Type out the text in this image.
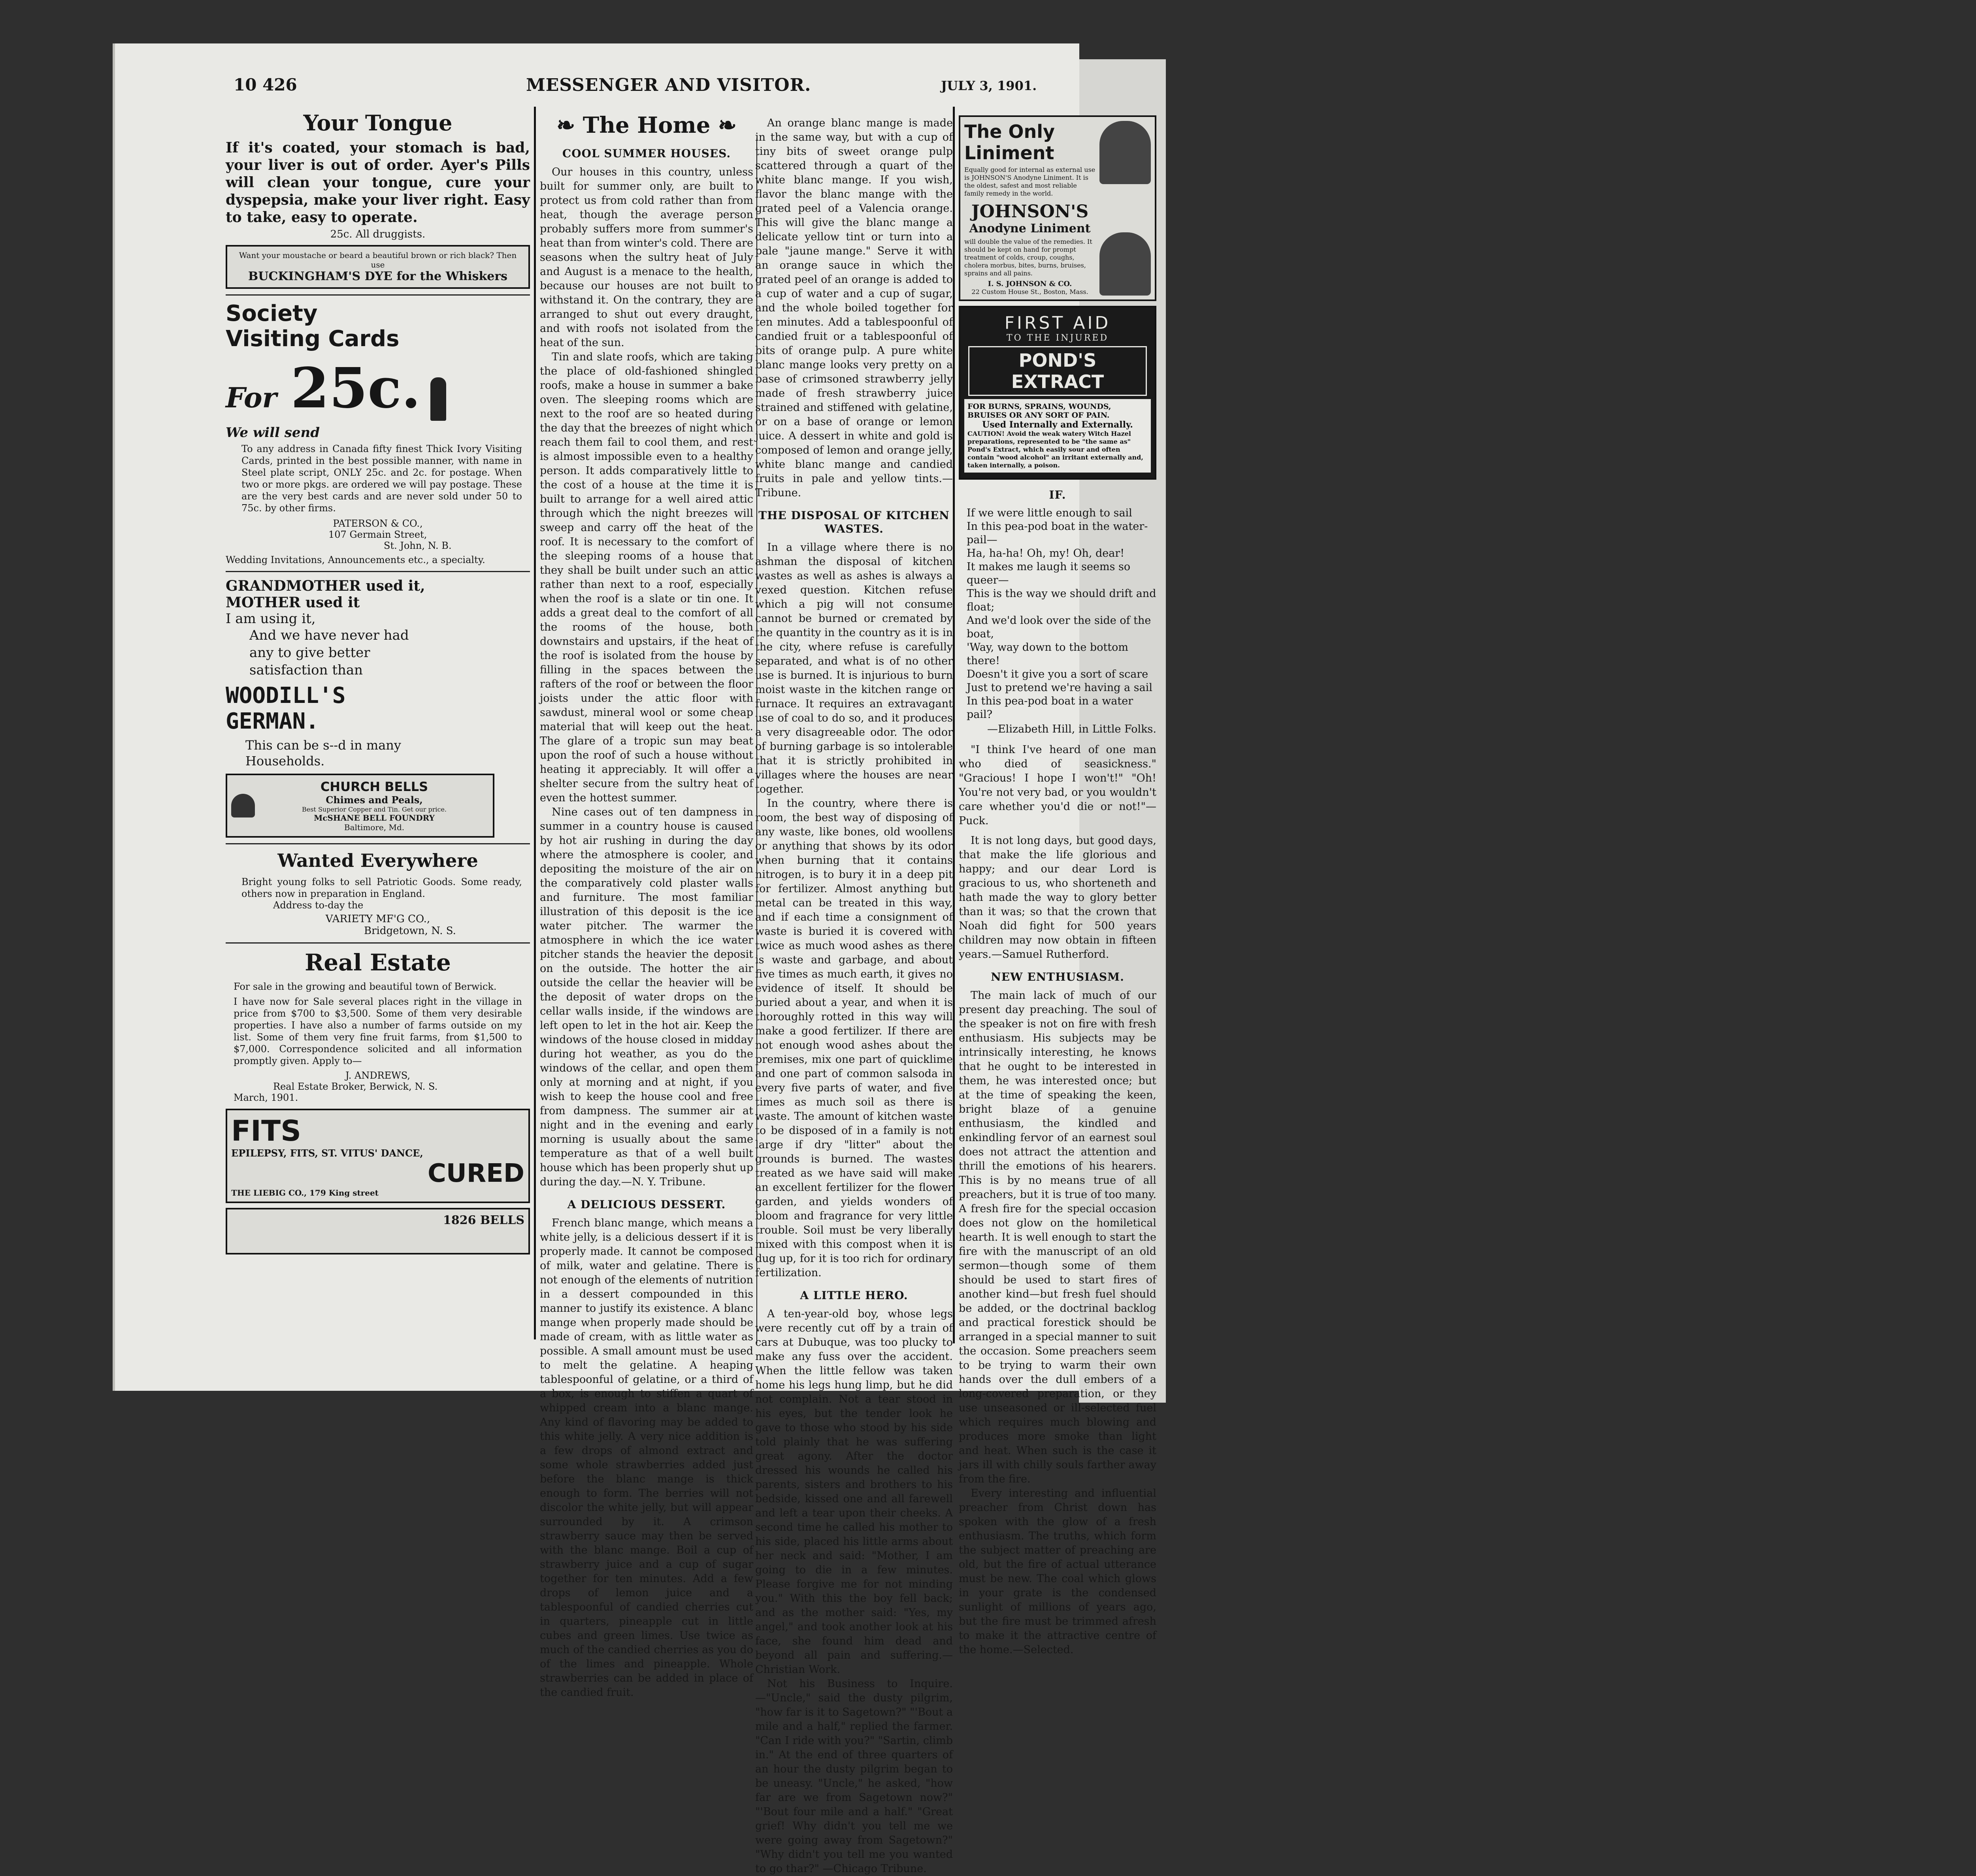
10 426	MESSENGER AND VISITOR.	JULY 3, 1901.
Your Tongue
If it's coated, your stomach is bad, your liver is out of order. Ayer's Pills will clean your tongue, cure your dyspepsia, make your liver right. Easy to take, easy to operate.
25c. All druggists.
Want your moustache or beard a beautiful brown or rich black? Then use
BUCKINGHAM'S DYE for the Whiskers
Society Visiting Cards
For 25c.
We will send
To any address in Canada fifty finest Thick Ivory Visiting Cards, printed in the best possible manner, with name in Steel plate script, ONLY 25c. and 2c. for postage. When two or more pkgs. are ordered we will pay postage. These are the very best cards and are never sold under 50 to 75c. by other firms.
PATERSON & CO.,
107 Germain Street,
St. John, N. B.
Wedding Invitations, Announcements etc., a specialty.
GRANDMOTHER used it,
MOTHER used it
I am using it,
And we have never had any to give better satisfaction than
WOODILL'S
GERMAN.
This can be s--d in many Households.
CHURCH BELLS
Chimes and Peals,
Best Superior Copper and Tin. Get our price.
McSHANE BELL FOUNDRY
Baltimore, Md.
Wanted Everywhere
Bright young folks to sell Patriotic Goods. Some ready, others now in preparation in England.
Address to-day the
VARIETY MF'G CO.,
Bridgetown, N. S.
Real Estate
For sale in the growing and beautiful town of Berwick.
I have now for Sale several places right in the village in price from $700 to $3,500. Some of them very desirable properties. I have also a number of farms outside on my list. Some of them very fine fruit farms, from $1,500 to $7,000. Correspondence solicited and all information promptly given. Apply to—
J. ANDREWS,
Real Estate Broker, Berwick, N. S.
March, 1901.
FITS
EPILEPSY, FITS, ST. VITUS' DANCE,
CURED
THE LIEBIG CO., 179 King street
1826 BELLS
❧ The Home ❧
COOL SUMMER HOUSES.

Our houses in this country, unless built for summer only, are built to protect us from cold rather than from heat, though the average person probably suffers more from summer's heat than from winter's cold. There are seasons when the sultry heat of July and August is a menace to the health, because our houses are not built to withstand it. On the contrary, they are arranged to shut out every draught, and with roofs not isolated from the heat of the sun.

Tin and slate roofs, which are taking the place of old-fashioned shingled roofs, make a house in summer a bake oven. The sleeping rooms which are next to the roof are so heated during the day that the breezes of night which reach them fail to cool them, and rest is almost impossible even to a healthy person. It adds comparatively little to the cost of a house at the time it is built to arrange for a well aired attic through which the night breezes will sweep and carry off the heat of the roof. It is necessary to the comfort of the sleeping rooms of a house that they shall be built under such an attic rather than next to a roof, especially when the roof is a slate or tin one. It adds a great deal to the comfort of all the rooms of the house, both downstairs and upstairs, if the heat of the roof is isolated from the house by filling in the spaces between the rafters of the roof or between the floor joists under the attic floor with sawdust, mineral wool or some cheap material that will keep out the heat. The glare of a tropic sun may beat upon the roof of such a house without heating it appreciably. It will offer a shelter secure from the sultry heat of even the hottest summer.

Nine cases out of ten dampness in summer in a country house is caused by hot air rushing in during the day where the atmosphere is cooler, and depositing the moisture of the air on the comparatively cold plaster walls and furniture. The most familiar illustration of this deposit is the ice water pitcher. The warmer the atmosphere in which the ice water pitcher stands the heavier the deposit on the outside. The hotter the air outside the cellar the heavier will be the deposit of water drops on the cellar walls inside, if the windows are left open to let in the hot air. Keep the windows of the house closed in midday during hot weather, as you do the windows of the cellar, and open them only at morning and at night, if you wish to keep the house cool and free from dampness. The summer air at night and in the evening and early morning is usually about the same temperature as that of a well built house which has been properly shut up during the day.—N. Y. Tribune.

A DELICIOUS DESSERT.

French blanc mange, which means a white jelly, is a delicious dessert if it is properly made. It cannot be composed of milk, water and gelatine. There is not enough of the elements of nutrition in a dessert compounded in this manner to justify its existence. A blanc mange when properly made should be made of cream, with as little water as possible. A small amount must be used to melt the gelatine. A heaping tablespoonful of gelatine, or a third of a box, is enough to stiffen a quart of whipped cream into a blanc mange. Any kind of flavoring may be added to this white jelly. A very nice addition is a few drops of almond extract and some whole strawberries added just before the blanc mange is thick enough to form. The berries will not discolor the white jelly, but will appear surrounded by it. A crimson strawberry sauce may then be served with the blanc mange. Boil a cup of strawberry juice and a cup of sugar together for ten minutes. Add a few drops of lemon juice and a tablespoonful of candied cherries cut in quarters, pineapple cut in little cubes and green limes. Use twice as much of the candied cherries as you do of the limes and pineapple. Whole strawberries can be added in place of the candied fruit.

An orange blanc mange is made in the same way, but with a cup of tiny bits of sweet orange pulp scattered through a quart of the white blanc mange. If you wish, flavor the blanc mange with the grated peel of a Valencia orange. This will give the blanc mange a delicate yellow tint or turn into a pale "jaune mange." Serve it with an orange sauce in which the grated peel of an orange is added to a cup of water and a cup of sugar, and the whole boiled together for ten minutes. Add a tablespoonful of candied fruit or a tablespoonful of bits of orange pulp. A pure white blanc mange looks very pretty on a base of crimsoned strawberry jelly made of fresh strawberry juice strained and stiffened with gelatine, or on a base of orange or lemon juice. A dessert in white and gold is composed of lemon and orange jelly, white blanc mange and candied fruits in pale and yellow tints.—Tribune.

THE DISPOSAL OF KITCHEN WASTES.

In a village where there is no ashman the disposal of kitchen wastes as well as ashes is always a vexed question. Kitchen refuse which a pig will not consume cannot be burned or cremated by the quantity in the country as it is in the city, where refuse is carefully separated, and what is of no other use is burned. It is injurious to burn moist waste in the kitchen range or furnace. It requires an extravagant use of coal to do so, and it produces a very disagreeable odor. The odor of burning garbage is so intolerable that it is strictly prohibited in villages where the houses are near together.

In the country, where there is room, the best way of disposing of any waste, like bones, old woollens or anything that shows by its odor when burning that it contains nitrogen, is to bury it in a deep pit for fertilizer. Almost anything but metal can be treated in this way, and if each time a consignment of waste is buried it is covered with twice as much wood ashes as there is waste and garbage, and about five times as much earth, it gives no evidence of itself. It should be buried about a year, and when it is thoroughly rotted in this way will make a good fertilizer. If there are not enough wood ashes about the premises, mix one part of quicklime and one part of common salsoda in every five parts of water, and five times as much soil as there is waste. The amount of kitchen waste to be disposed of in a family is not large if dry "litter" about the grounds is burned. The wastes treated as we have said will make an excellent fertilizer for the flower garden, and yields wonders of bloom and fragrance for very little trouble. Soil must be very liberally mixed with this compost when it is dug up, for it is too rich for ordinary fertilization.

A LITTLE HERO.

A ten-year-old boy, whose legs were recently cut off by a train of cars at Dubuque, was too plucky to make any fuss over the accident. When the little fellow was taken home his legs hung limp, but he did not complain. Not a tear stood in his eyes, but the tender look he gave to those who stood by his side told plainly that he was suffering great agony. After the doctor dressed his wounds he called his parents, sisters and brothers to his bedside, kissed one and all farewell and left a tear upon their cheeks. A second time he called his mother to his side, placed his little arms about her neck and said: "Mother, I am going to die in a few minutes. Please forgive me for not minding you." With this the boy fell back; and as the mother said: "Yes, my angel," and took another look at his face, she found him dead and beyond all pain and suffering.—Christian Work.

Not his Business to Inquire.—"Uncle," said the dusty pilgrim, "how far is it to Sagetown?" "'Bout a mile and a half," replied the farmer. "Can I ride with you?" "Sartin, climb in." At the end of three quarters of an hour the dusty pilgrim began to be uneasy. "Uncle," he asked, "how far are we from Sagetown now?" "'Bout four mile and a half." "Great grief! Why didn't you tell me we were going away from Sagetown?" "Why didn't you tell me you wanted to go thar?" —Chicago Tribune.

The Only
Liniment
Equally good for internal as external use is JOHNSON'S Anodyne Liniment. It is the oldest, safest and most reliable family remedy in the world.
JOHNSON'S
Anodyne Liniment
will double the value of the remedies. It should be kept on hand for prompt treatment of colds, croup, coughs, cholera morbus, bites, burns, bruises, sprains and all pains.
I. S. JOHNSON & CO.
22 Custom House St., Boston, Mass.
FIRST AID
TO THE INJURED
POND'S EXTRACT
FOR BURNS, SPRAINS, WOUNDS, BRUISES OR ANY SORT OF PAIN.
Used Internally and Externally.
CAUTION! Avoid the weak watery Witch Hazel preparations, represented to be "the same as" Pond's Extract, which easily sour and often contain "wood alcohol" an irritant externally and, taken internally, a poison.
IF.
If we were little enough to sail
In this pea-pod boat in the water-pail—
Ha, ha-ha! Oh, my! Oh, dear!
It makes me laugh it seems so queer—
This is the way we should drift and float;
And we'd look over the side of the boat,
'Way, way down to the bottom there!
Doesn't it give you a sort of scare
Just to pretend we're having a sail
In this pea-pod boat in a water pail?
—Elizabeth Hill, in Little Folks.

"I think I've heard of one man who died of seasickness." "Gracious! I hope I won't!" "Oh! You're not very bad, or you wouldn't care whether you'd die or not!"—Puck.

It is not long days, but good days, that make the life glorious and happy; and our dear Lord is gracious to us, who shorteneth and hath made the way to glory better than it was; so that the crown that Noah did fight for 500 years children may now obtain in fifteen years.—Samuel Rutherford.

NEW ENTHUSIASM.

The main lack of much of our present day preaching. The soul of the speaker is not on fire with fresh enthusiasm. His subjects may be intrinsically interesting, he knows that he ought to be interested in them, he was interested once; but at the time of speaking the keen, bright blaze of a genuine enthusiasm, the kindled and enkindling fervor of an earnest soul does not attract the attention and thrill the emotions of his hearers. This is by no means true of all preachers, but it is true of too many. A fresh fire for the special occasion does not glow on the homiletical hearth. It is well enough to start the fire with the manuscript of an old sermon—though some of them should be used to start fires of another kind—but fresh fuel should be added, or the doctrinal backlog and practical forestick should be arranged in a special manner to suit the occasion. Some preachers seem to be trying to warm their own hands over the dull embers of a long-covered preparation, or they use unseasoned or ill-selected fuel which requires much blowing and produces more smoke than light and heat. When such is the case it jars ill with chilly souls farther away from the fire.

Every interesting and influential preacher from Christ down has spoken with the glow of a fresh enthusiasm. The truths, which form the subject matter of preaching are old, but the fire of actual utterance must be new. The coal which glows in your grate is the condensed sunlight of millions of years ago, but the fire must be trimmed afresh to make it the attractive centre of the home.—Selected.
